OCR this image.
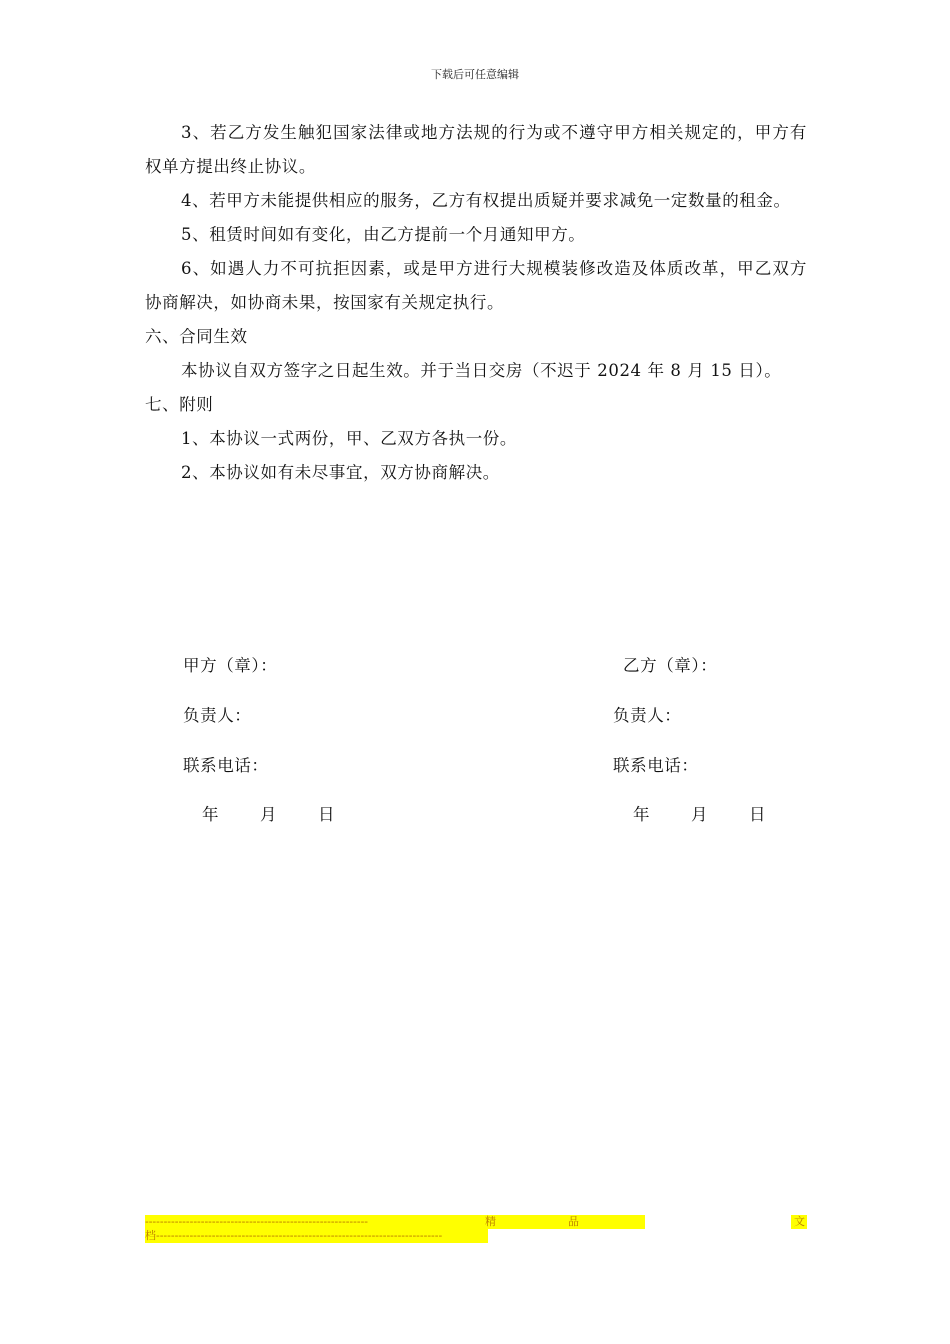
下载后可任意编辑

3、若乙方发生触犯国家法律或地方法规的行为或不遵守甲方相关规定的，甲方有权单方提出终止协议。

4、若甲方未能提供相应的服务，乙方有权提出质疑并要求减免一定数量的租金。

5、租赁时间如有变化，由乙方提前一个月通知甲方。

6、如遇人力不可抗拒因素，或是甲方进行大规模装修改造及体质改革，甲乙双方协商解决，如协商未果，按国家有关规定执行。

六、合同生效

本协议自双方签字之日起生效。并于当日交房（不迟于 2024 年 8 月 15 日）。

七、附则

1、本协议一式两份，甲、乙双方各执一份。

2、本协议如有未尽事宜，双方协商解决。

甲方（章）：
负责人：
联系电话：
年	月	日
乙方（章）：
负责人：
联系电话：
年	月	日
------------------------------------------------------------	精	品	文
档-----------------------------------------------------------------------------
